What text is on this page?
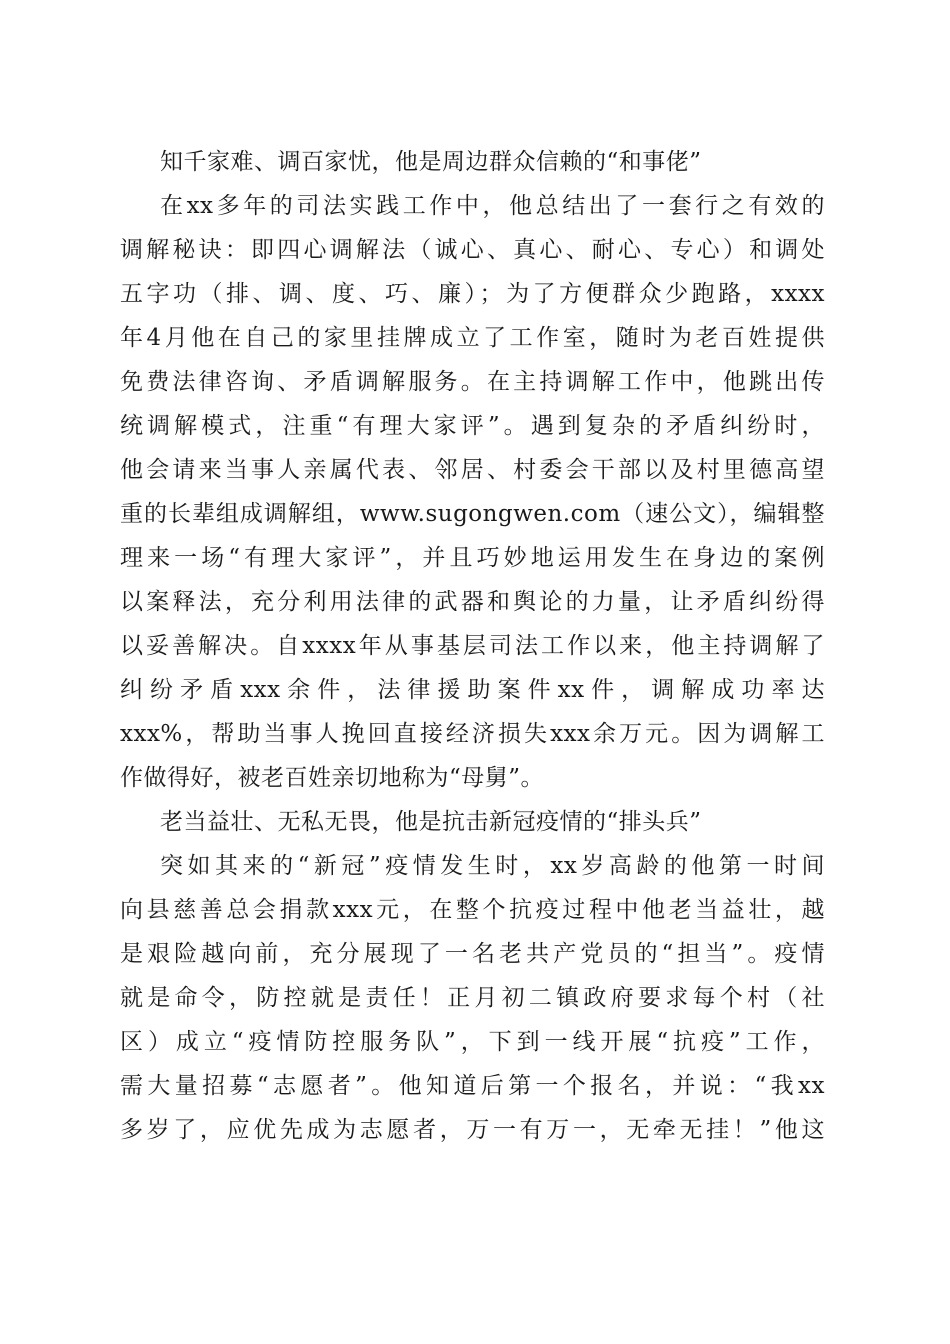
知千家难、调百家忧，他是周边群众信赖的“和事佬”
在xx多年的司法实践工作中，他总结出了一套行之有效的
调解秘诀：即四心调解法（诚心、真心、耐心、专心）和调处
五字功（排、调、度、巧、廉）；为了方便群众少跑路，xxxx
年4月他在自己的家里挂牌成立了工作室，随时为老百姓提供
免费法律咨询、矛盾调解服务。在主持调解工作中，他跳出传
统调解模式，注重“有理大家评”。遇到复杂的矛盾纠纷时，
他会请来当事人亲属代表、邻居、村委会干部以及村里德高望
重的长辈组成调解组，www.sugongwen.com（速公文），编辑整
理来一场“有理大家评”，并且巧妙地运用发生在身边的案例
以案释法，充分利用法律的武器和舆论的力量，让矛盾纠纷得
以妥善解决。自xxxx年从事基层司法工作以来，他主持调解了
纠纷矛盾xxx余件，法律援助案件xx件，调解成功率达
xxx%，帮助当事人挽回直接经济损失xxx余万元。因为调解工
作做得好，被老百姓亲切地称为“母舅”。
老当益壮、无私无畏，他是抗击新冠疫情的“排头兵”
突如其来的“新冠”疫情发生时，xx岁高龄的他第一时间
向县慈善总会捐款xxx元，在整个抗疫过程中他老当益壮，越
是艰险越向前，充分展现了一名老共产党员的“担当”。疫情
就是命令，防控就是责任！正月初二镇政府要求每个村（社
区）成立“疫情防控服务队”，下到一线开展“抗疫”工作，
需大量招募“志愿者”。他知道后第一个报名，并说：“我xx
多岁了，应优先成为志愿者，万一有万一，无牵无挂！”他这
